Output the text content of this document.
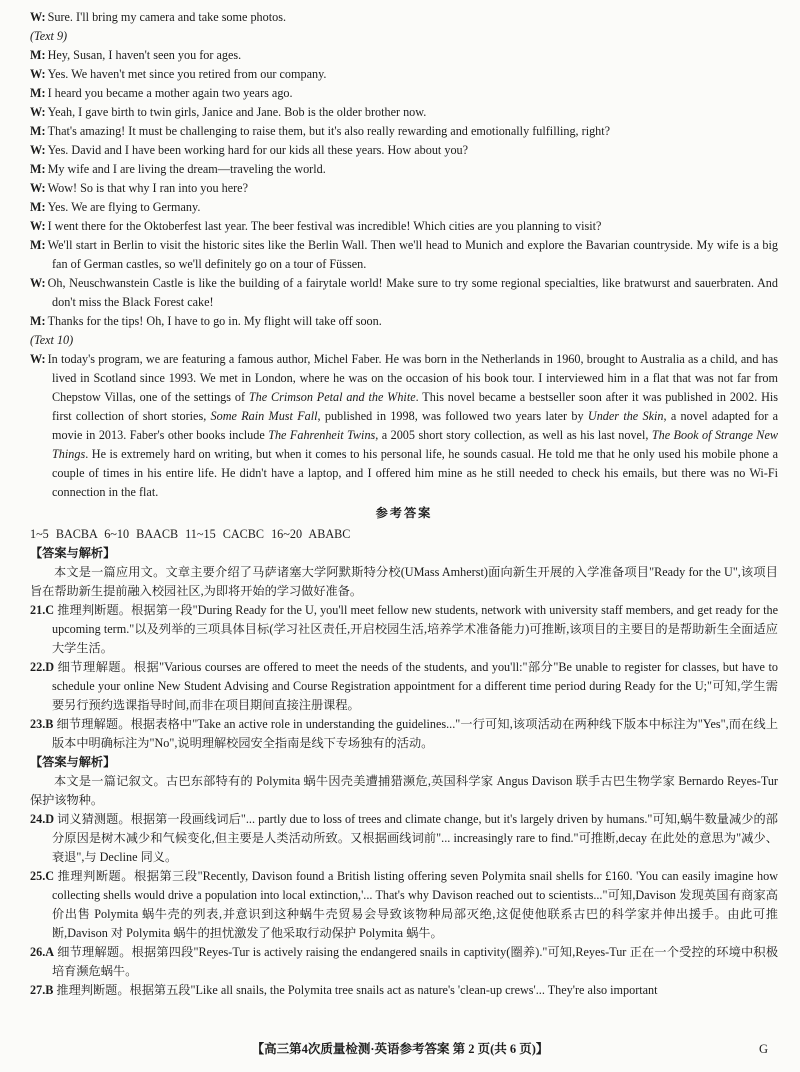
W: Sure. I'll bring my camera and take some photos.
(Text 9)
M: Hey, Susan, I haven't seen you for ages.
W: Yes. We haven't met since you retired from our company.
M: I heard you became a mother again two years ago.
W: Yeah, I gave birth to twin girls, Janice and Jane. Bob is the older brother now.
M: That's amazing! It must be challenging to raise them, but it's also really rewarding and emotionally fulfilling, right?
W: Yes. David and I have been working hard for our kids all these years. How about you?
M: My wife and I are living the dream—traveling the world.
W: Wow! So is that why I ran into you here?
M: Yes. We are flying to Germany.
W: I went there for the Oktoberfest last year. The beer festival was incredible! Which cities are you planning to visit?
M: We'll start in Berlin to visit the historic sites like the Berlin Wall. Then we'll head to Munich and explore the Bavarian countryside. My wife is a big fan of German castles, so we'll definitely go on a tour of Füssen.
W: Oh, Neuschwanstein Castle is like the building of a fairytale world! Make sure to try some regional specialties, like bratwurst and sauerbraten. And don't miss the Black Forest cake!
M: Thanks for the tips! Oh, I have to go in. My flight will take off soon.
(Text 10)
W: In today's program, we are featuring a famous author, Michel Faber. He was born in the Netherlands in 1960, brought to Australia as a child, and has lived in Scotland since 1993. We met in London, where he was on the occasion of his book tour. I interviewed him in a flat that was not far from Chepstow Villas, one of the settings of The Crimson Petal and the White. This novel became a bestseller soon after it was published in 2002. His first collection of short stories, Some Rain Must Fall, published in 1998, was followed two years later by Under the Skin, a novel adapted for a movie in 2013. Faber's other books include The Fahrenheit Twins, a 2005 short story collection, as well as his last novel, The Book of Strange New Things. He is extremely hard on writing, but when it comes to his personal life, he sounds casual. He told me that he only used his mobile phone a couple of times in his entire life. He didn't have a laptop, and I offered him mine as he still needed to check his emails, but there was no Wi-Fi connection in the flat.
参考答案
1~5 BACBA 6~10 BAACB 11~15 CACBC 16~20 ABABC
【答案与解析】
本文是一篇应用文。文章主要介绍了马萨诸塞大学阿默斯特分校(UMass Amherst)面向新生开展的入学准备项目"Ready for the U",该项目旨在帮助新生提前融入校园社区,为即将开始的学习做好准备。
21.C 推理判断题。根据第一段"During Ready for the U, you'll meet fellow new students, network with university staff members, and get ready for the upcoming term."以及列举的三项具体目标(学习社区责任,开启校园生活,培养学术准备能力)可推断,该项目的主要目的是帮助新生全面适应大学生活。
22.D 细节理解题。根据"Various courses are offered to meet the needs of the students, and you'll:"部分"Be unable to register for classes, but have to schedule your online New Student Advising and Course Registration appointment for a different time period during Ready for the U;"可知,学生需要另行预约选课指导时间,而非在项目期间直接注册课程。
23.B 细节理解题。根据表格中"Take an active role in understanding the guidelines..."一行可知,该项活动在两种线下版本中标注为"Yes",而在线上版本中明确标注为"No",说明理解校园安全指南是线下专场独有的活动。
【答案与解析】
本文是一篇记叙文。古巴东部特有的 Polymita 蜗牛因壳美遭捕猎濒危,英国科学家 Angus Davison 联手古巴生物学家 Bernardo Reyes-Tur 保护该物种。
24.D 词义猜测题。根据第一段画线词后"... partly due to loss of trees and climate change, but it's largely driven by humans."可知,蜗牛数量减少的部分原因是树木减少和气候变化,但主要是人类活动所致。又根据画线词前"... increasingly rare to find."可推断,decay 在此处的意思为"减少、衰退",与 Decline 同义。
25.C 推理判断题。根据第三段"Recently, Davison found a British listing offering seven Polymita snail shells for £160. 'You can easily imagine how collecting shells would drive a population into local extinction,'... That's why Davison reached out to scientists..."可知,Davison 发现英国有商家高价出售 Polymita 蜗牛壳的列表,并意识到这种蜗牛壳贸易会导致该物种局部灭绝,这促使他联系古巴的科学家并伸出援手。由此可推断,Davison 对 Polymita 蜗牛的担忧激发了他采取行动保护 Polymita 蜗牛。
26.A 细节理解题。根据第四段"Reyes-Tur is actively raising the endangered snails in captivity(圈养)."可知,Reyes-Tur 正在一个受控的环境中积极培育濒危蜗牛。
27.B 推理判断题。根据第五段"Like all snails, the Polymita tree snails act as nature's 'clean-up crews'... They're also important
【高三第4次质量检测·英语参考答案 第 2 页(共 6 页)】	G
